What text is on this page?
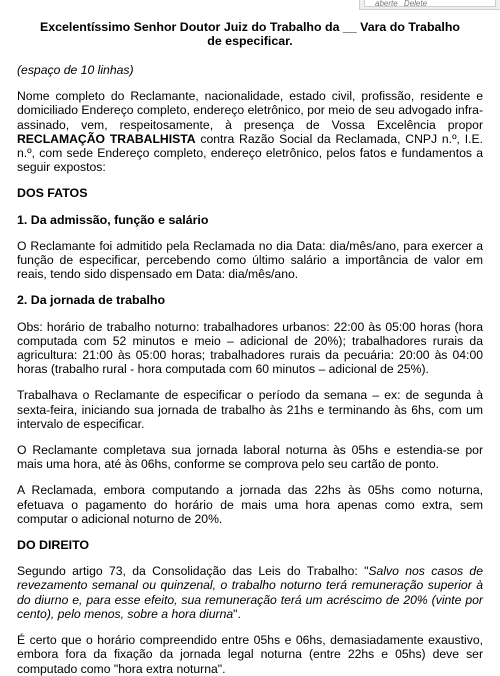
aberte Delete
Excelentíssimo Senhor Doutor Juiz do Trabalho da __ Vara do Trabalho
de especificar.
(espaço de 10 linhas)

Nome completo do Reclamante, nacionalidade, estado civil, profissão, residente e domiciliado Endereço completo, endereço eletrônico, por meio de seu advogado infra-assinado, vem, respeitosamente, à presença de Vossa Excelência propor RECLAMAÇÃO TRABALHISTA contra Razão Social da Reclamada, CNPJ n.º, I.E. n.º, com sede Endereço completo, endereço eletrônico, pelos fatos e fundamentos a seguir expostos:

DOS FATOS
1. Da admissão, função e salário

O Reclamante foi admitido pela Reclamada no dia Data: dia/mês/ano, para exercer a função de especificar, percebendo como último salário a importância de valor em reais, tendo sido dispensado em Data: dia/mês/ano.

2. Da jornada de trabalho

Obs: horário de trabalho noturno: trabalhadores urbanos: 22:00 às 05:00 horas (hora computada com 52 minutos e meio – adicional de 20%); trabalhadores rurais da agricultura: 21:00 às 05:00 horas; trabalhadores rurais da pecuária: 20:00 às 04:00 horas (trabalho rural - hora computada com 60 minutos – adicional de 25%).

Trabalhava o Reclamante de especificar o período da semana – ex: de segunda à sexta-feira, iniciando sua jornada de trabalho às 21hs e terminando às 6hs, com um intervalo de especificar.

O Reclamante completava sua jornada laboral noturna às 05hs e estendia-se por mais uma hora, até às 06hs, conforme se comprova pelo seu cartão de ponto.

A Reclamada, embora computando a jornada das 22hs às 05hs como noturna, efetuava o pagamento do horário de mais uma hora apenas como extra, sem computar o adicional noturno de 20%.

DO DIREITO

Segundo artigo 73, da Consolidação das Leis do Trabalho: "Salvo nos casos de revezamento semanal ou quinzenal, o trabalho noturno terá remuneração superior à do diurno e, para esse efeito, sua remuneração terá um acréscimo de 20% (vinte por cento), pelo menos, sobre a hora diurna".

É certo que o horário compreendido entre 05hs e 06hs, demasiadamente exaustivo, embora fora da fixação da jornada legal noturna (entre 22hs e 05hs) deve ser computado como "hora extra noturna".
